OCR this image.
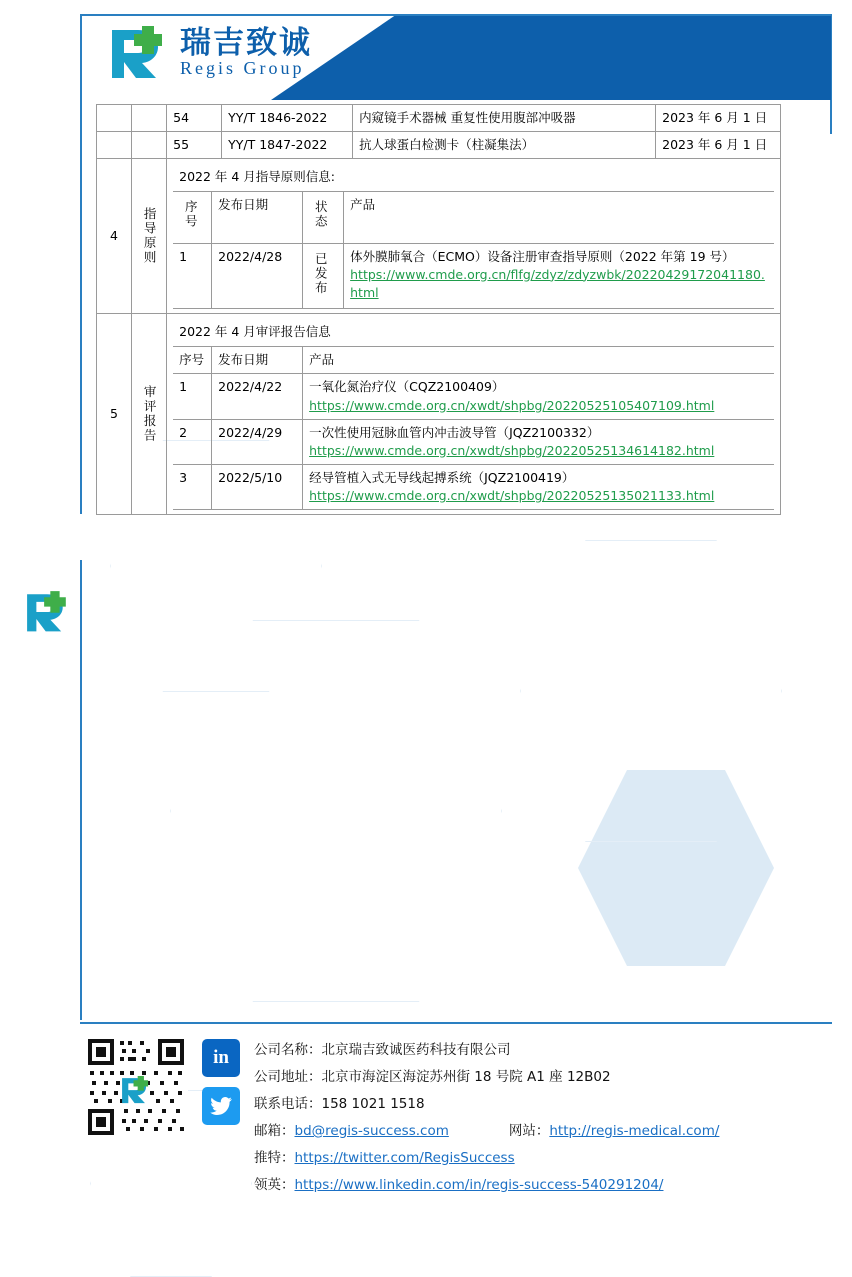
瑞吉致诚
Regis Group
		54	YY/T 1846-2022	内窥镜手术器械 重复性使用腹部冲吸器	2023 年 6 月 1 日
		55	YY/T 1847-2022	抗人球蛋白检测卡（柱凝集法）	2023 年 6 月 1 日
4	指导原则

2022 年 4 月指导原则信息:
序号	发布日期	状态	产品
1	2022/4/28	已发布	体外膜肺氧合（ECMO）设备注册审查指导原则（2022 年第 19 号）
https://www.cmde.org.cn/flfg/zdyz/zdyzwbk/20220429172041180.html

5	审评报告

2022 年 4 月审评报告信息
序号	发布日期	产品
1	2022/4/22	一氧化氮治疗仪（CQZ2100409）
https://www.cmde.org.cn/xwdt/shpbg/20220525105407109.html
2	2022/4/29	一次性使用冠脉血管内冲击波导管（JQZ2100332）
https://www.cmde.org.cn/xwdt/shpbg/20220525134614182.html
3	2022/5/10	经导管植入式无导线起搏系统（JQZ2100419）
https://www.cmde.org.cn/xwdt/shpbg/20220525135021133.html
in	公司名称：北京瑞吉致诚医药科技有限公司
公司地址：北京市海淀区海淀苏州街 18 号院 A1 座 12B02
联系电话：158 1021 1518
邮箱：bd@regis-success.com	网站：http://regis-medical.com/
推特：https://twitter.com/RegisSuccess
领英：https://www.linkedin.com/in/regis-success-540291204/
